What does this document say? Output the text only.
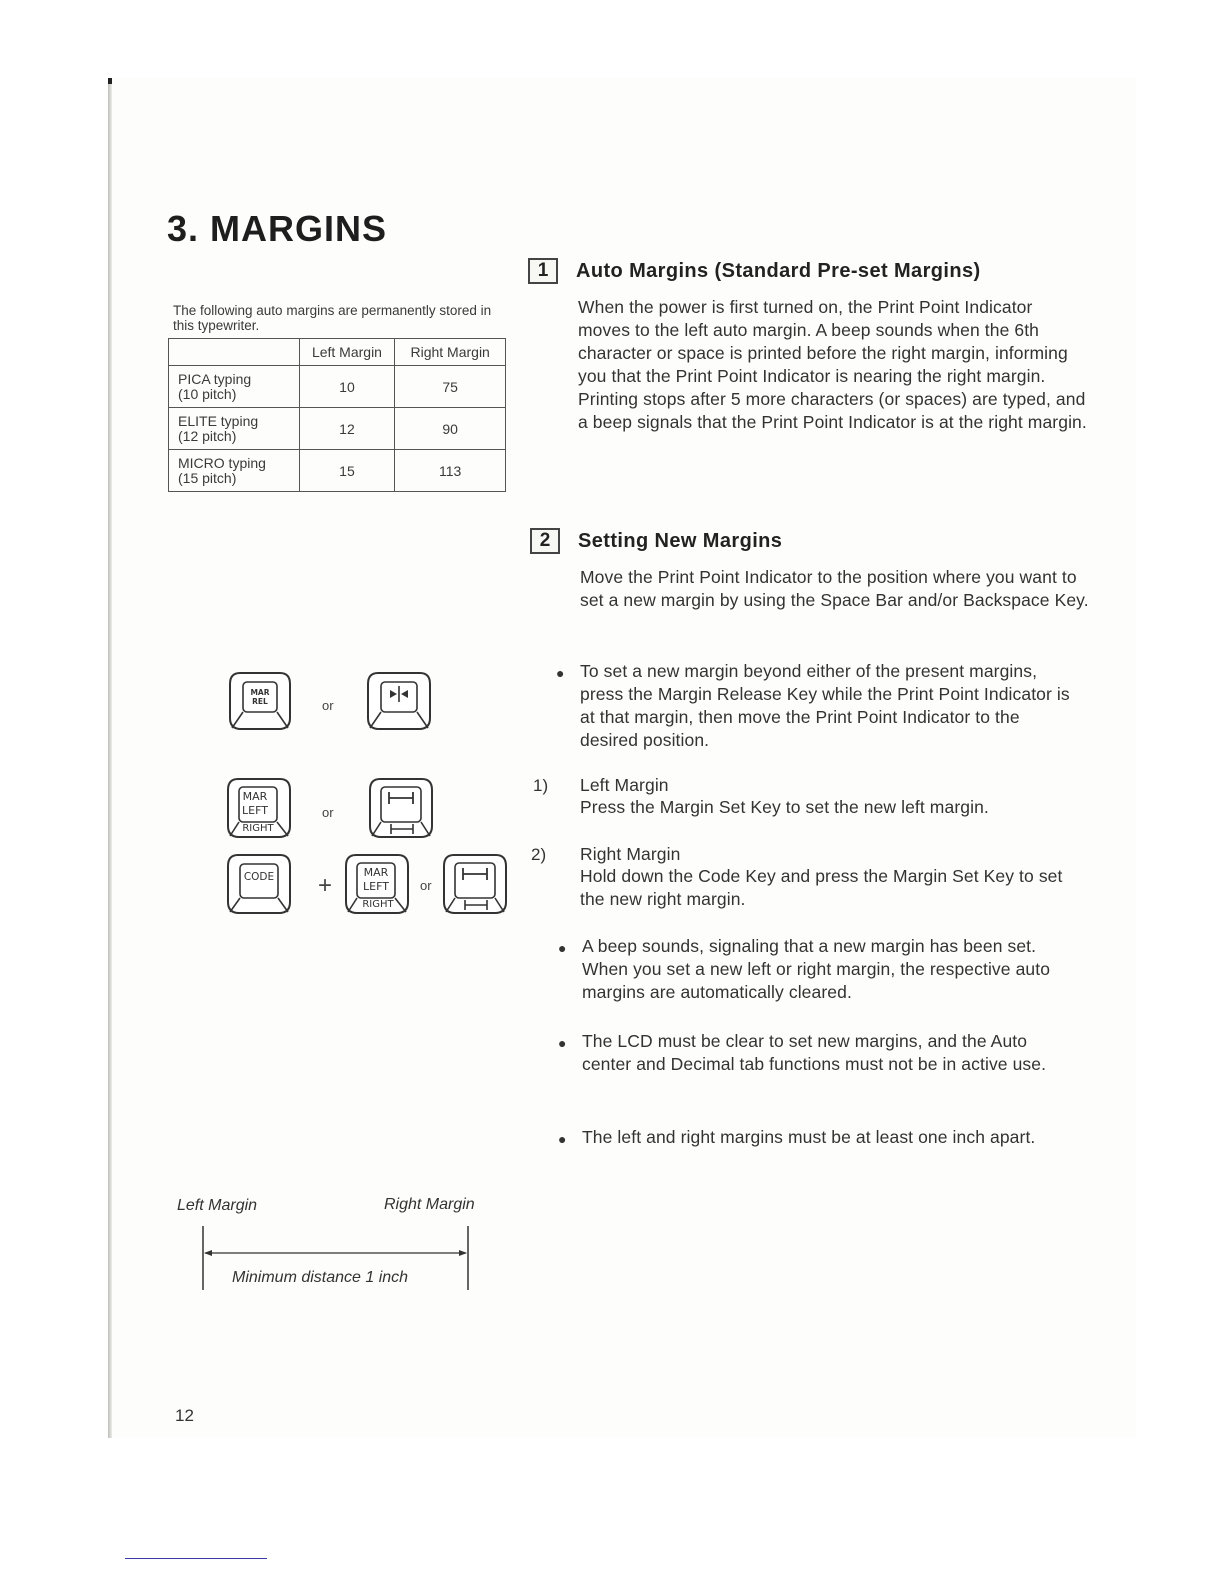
3. MARGINS
The following auto margins are permanently stored in this typewriter.
	Left Margin	Right Margin
PICA typing
(10 pitch)	10	75
ELITE typing
(12 pitch)	12	90
MICRO typing
(15 pitch)	15	113
1	Auto Margins (Standard Pre-set Margins)
When the power is first turned on, the Print Point Indicator moves to the left auto margin. A beep sounds when the 6th character or space is printed before the right margin, informing you that the Print Point Indicator is nearing the right margin. Printing stops after 5 more characters (or spaces) are typed, and a beep signals that the Print Point Indicator is at the right margin.
2	Setting New Margins
Move the Print Point Indicator to the position where you want to set a new margin by using the Space Bar and/or Backspace Key.
● To set a new margin beyond either of the present margins, press the Margin Release Key while the Print Point Indicator is at that margin, then move the Print Point Indicator to the desired position.
1) Left Margin
Press the Margin Set Key to set the new left margin.
2) Right Margin
Hold down the Code Key and press the Margin Set Key to set the new right margin.
● A beep sounds, signaling that a new margin has been set. When you set a new left or right margin, the respective auto margins are automatically cleared.
● The LCD must be clear to set new margins, and the Auto center and Decimal tab functions must not be in active use.
● The left and right margins must be at least one inch apart.
MAR
REL	or
MAR
LEFT
RIGHT
or
CODE +	MAR
LEFT
RIGHT
or
Left Margin	Right Margin
Minimum distance 1 inch
12
